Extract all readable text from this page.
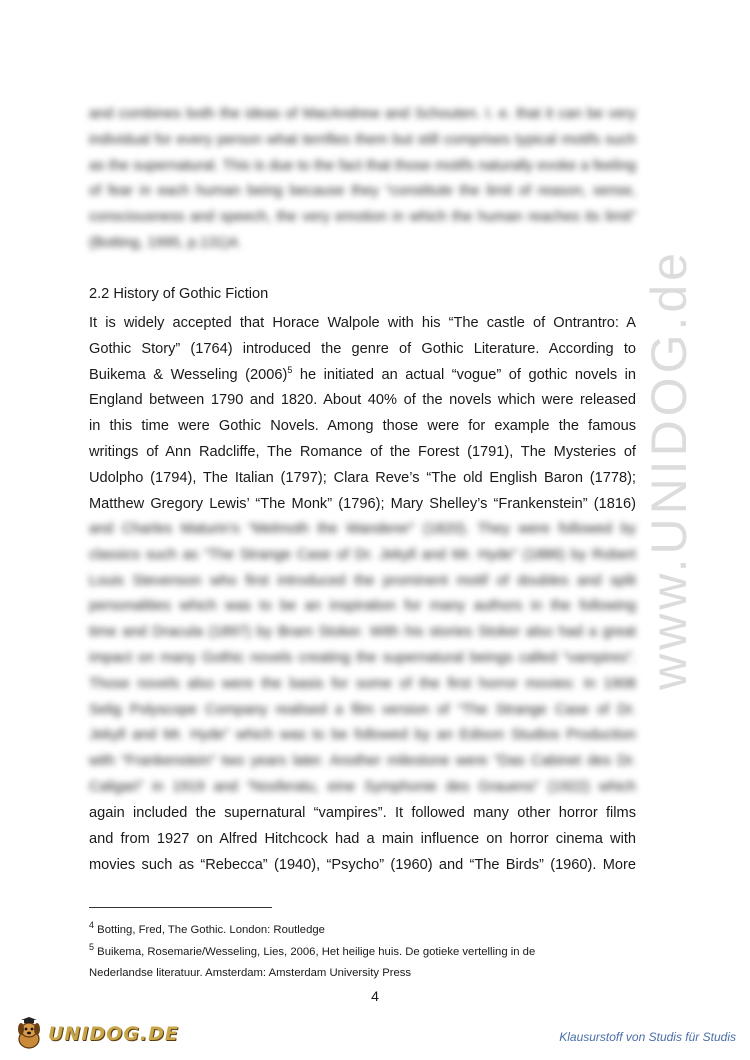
www.UNIDOG.de

and combines both the ideas of MacAndrew and Schouten. I. e. that it can be very individual for every person what terrifies them but still comprises typical motifs such as the supernatural. This is due to the fact that those motifs naturally evoke a feeling of fear in each human being because they “constitute the limit of reason, sense, consciousness and speech, the very emotion in which the human reaches its limit” (Botting, 1995, p.131)4.

2.2 History of Gothic Fiction

It is widely accepted that Horace Walpole with his “The castle of Ontrantro: A
Gothic Story” (1764) introduced the genre of Gothic Literature. According to
Buikema & Wesseling $(2006)^5$ he initiated an actual “vogue” of gothic novels in
England between 1790 and 1820. About 40% of the novels which were released
in this time were Gothic Novels. Among those were for example the famous
writings of Ann Radcliffe, The Romance of the Forest (1791), The Mysteries of
Udolpho (1794), The Italian (1797); Clara Reve’s “The old English Baron (1778);
Matthew Gregory Lewis’ “The Monk” (1796); Mary Shelley’s “Frankenstein” (1816)
and Charles Maturin’s “Melmoth the Wanderer” (1820). They were followed by
classics such as “The Strange Case of Dr. Jekyll and Mr. Hyde” (1886) by Robert
Louis Stevenson who first introduced the prominent motif of doubles and split
personalities which was to be an inspiration for many authors in the following
time and Dracula (1897) by Bram Stoker. With his stories Stoker also had a great
impact on many Gothic novels creating the supernatural beings called “vampires”.
Those novels also were the basis for some of the first horror movies: In 1908
Selig Polyscope Company realised a film version of “The Strange Case of Dr.
Jekyll and Mr. Hyde” which was to be followed by an Edison Studios Production
with “Frankenstein” two years later. Another milestone were “Das Cabinet des Dr.
Caligari” in 1919 and “Nosferatu, eine Symphonie des Grauens” (1922) which
again included the supernatural “vampires”. It followed many other horror films
and from 1927 on Alfred Hitchcock had a main influence on horror cinema with
movies such as “Rebecca” (1940), “Psycho” (1960) and “The Birds” (1960). More

$^4$ Botting, Fred, The Gothic. London: Routledge

$^5$ Buikema, Rosemarie/Wesseling, Lies, 2006, Het heilige huis. De gotieke vertelling in de

Nederlandse literatuur. Amsterdam: Amsterdam University Press

4
UNIDOG.DE	Klausurstoff von Studis für Studis
